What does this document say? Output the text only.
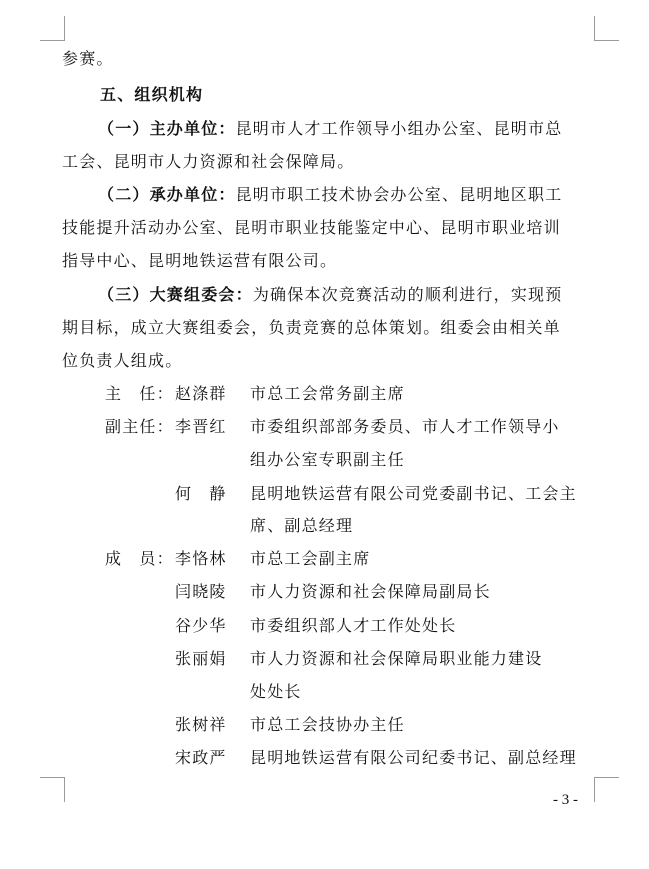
参赛。
五、组织机构
（一）主办单位：昆明市人才工作领导小组办公室、昆明市总
工会、昆明市人力资源和社会保障局。
（二）承办单位：昆明市职工技术协会办公室、昆明地区职工
技能提升活动办公室、昆明市职业技能鉴定中心、昆明市职业培训
指导中心、昆明地铁运营有限公司。
（三）大赛组委会：为确保本次竞赛活动的顺利进行，实现预
期目标，成立大赛组委会，负责竞赛的总体策划。组委会由相关单
位负责人组成。
主　任： 赵涤群 市总工会常务副主席
副主任： 李晋红 市委组织部部务委员、市人才工作领导小
组办公室专职副主任
何　静 昆明地铁运营有限公司党委副书记、工会主
席、副总经理
成　员： 李恪林 市总工会副主席
闫晓陵 市人力资源和社会保障局副局长
谷少华 市委组织部人才工作处处长
张丽娟 市人力资源和社会保障局职业能力建设
处处长
张树祥 市总工会技协办主任
宋政严 昆明地铁运营有限公司纪委书记、副总经理
- 3 -
